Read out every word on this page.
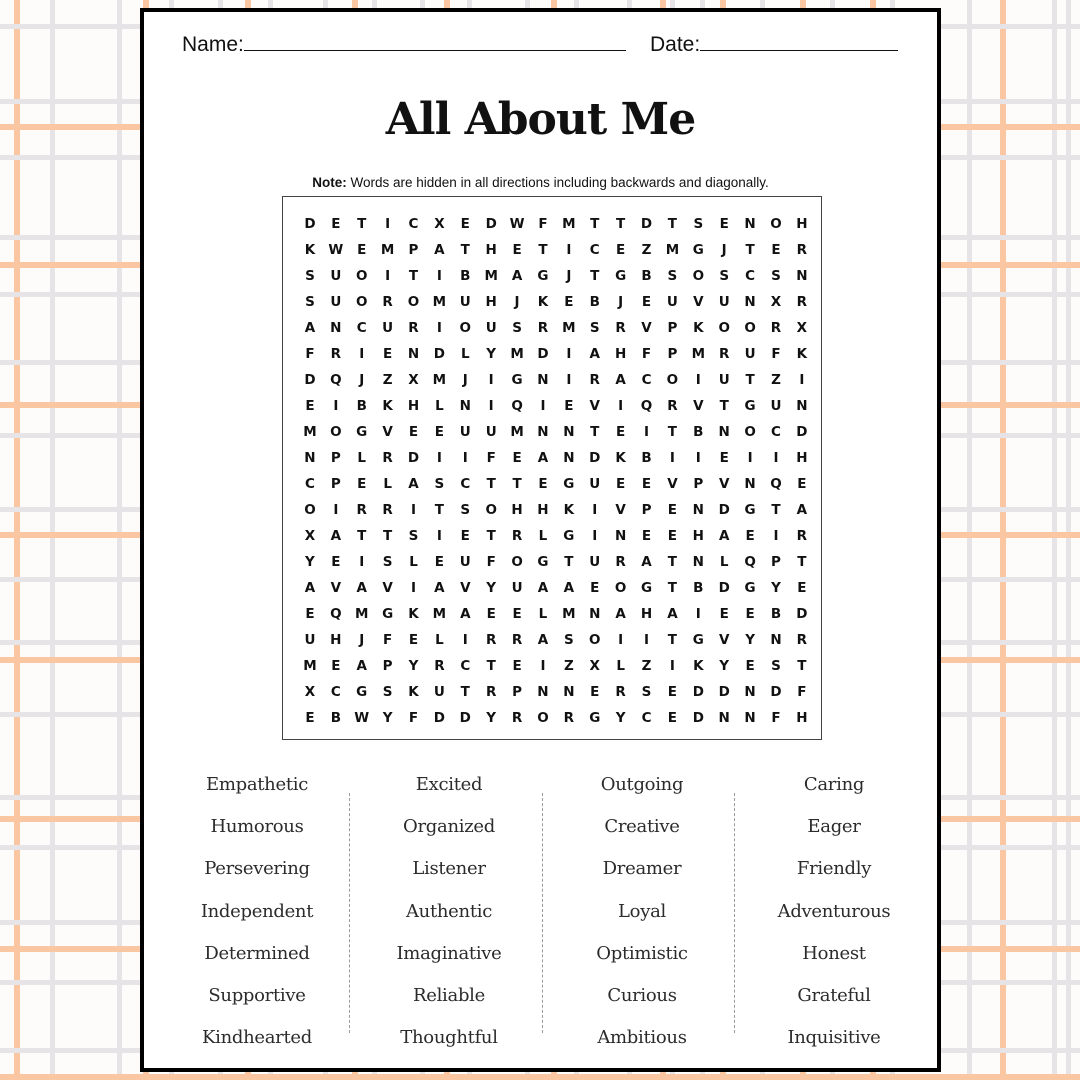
Name:	Date:
All About Me
Note: Words are hidden in all directions including backwards and diagonally.
D	E	T	I	C	X	E	D W	F	M	T	T	D	T	S	E	N	O	H
K W	E	M	P	A	T	H	E	T	I	C	E	Z	M	G	J	T	E	R
S	U	O	I	T	I	B	M	A	G	J	T	G	B	S	O	S	C	S	N
S	U	O	R	O M	U	H	J	K	E	B	J	E	U	V	U	N	X	R
A	N	C	U	R	I	O	U	S	R	M	S	R	V	P	K	O	O	R	X
F	R	I	E	N	D	L	Y	M	D	I	A	H	F	P	M	R	U	F	K
D	Q	J	Z	X	M	J	I	G	N	I	R	A	C	O	I	U	T	Z	I
E	I	B	K	H	L	N	I	Q	I	E	V	I	Q	R	V	T	G	U	N
M O	G	V	E	E	U	U	M	N	N	T	E	I	T	B	N	O	C	D
N	P	L	R	D	I	I	F	E	A	N	D	K	B	I	I	E	I	I	H
C	P	E	L	A	S	C	T	T	E	G	U	E	E	V	P	V	N	Q	E
O	I	R	R	I	T	S	O	H	H	K	I	V	P	E	N	D	G	T	A
X	A	T	T	S	I	E	T	R	L	G	I	N	E	E	H	A	E	I	R
Y	E	I	S	L	E	U	F	O	G	T	U	R	A	T	N	L	Q	P	T
A	V	A	V	I	A	V	Y	U	A	A	E	O	G	T	B	D	G	Y	E
E	Q M	G	K	M	A	E	E	L	M	N	A	H	A	I	E	E	B	D
U	H	J	F	E	L	I	R	R	A	S	O	I	I	T	G	V	Y	N	R
M	E	A	P	Y	R	C	T	E	I	Z	X	L	Z	I	K	Y	E	S	T
X	C	G	S	K	U	T	R	P	N	N	E	R	S	E	D	D	N	D	F
E	B W	Y	F	D	D	Y	R	O	R	G	Y	C	E	D	N	N	F	H
Empathetic
Humorous
Persevering
Independent
Determined
Supportive
Kindhearted
Excited
Organized
Listener
Authentic
Imaginative
Reliable
Thoughtful
Outgoing
Creative
Dreamer
Loyal
Optimistic
Curious
Ambitious
Caring
Eager
Friendly
Adventurous
Honest
Grateful
Inquisitive
